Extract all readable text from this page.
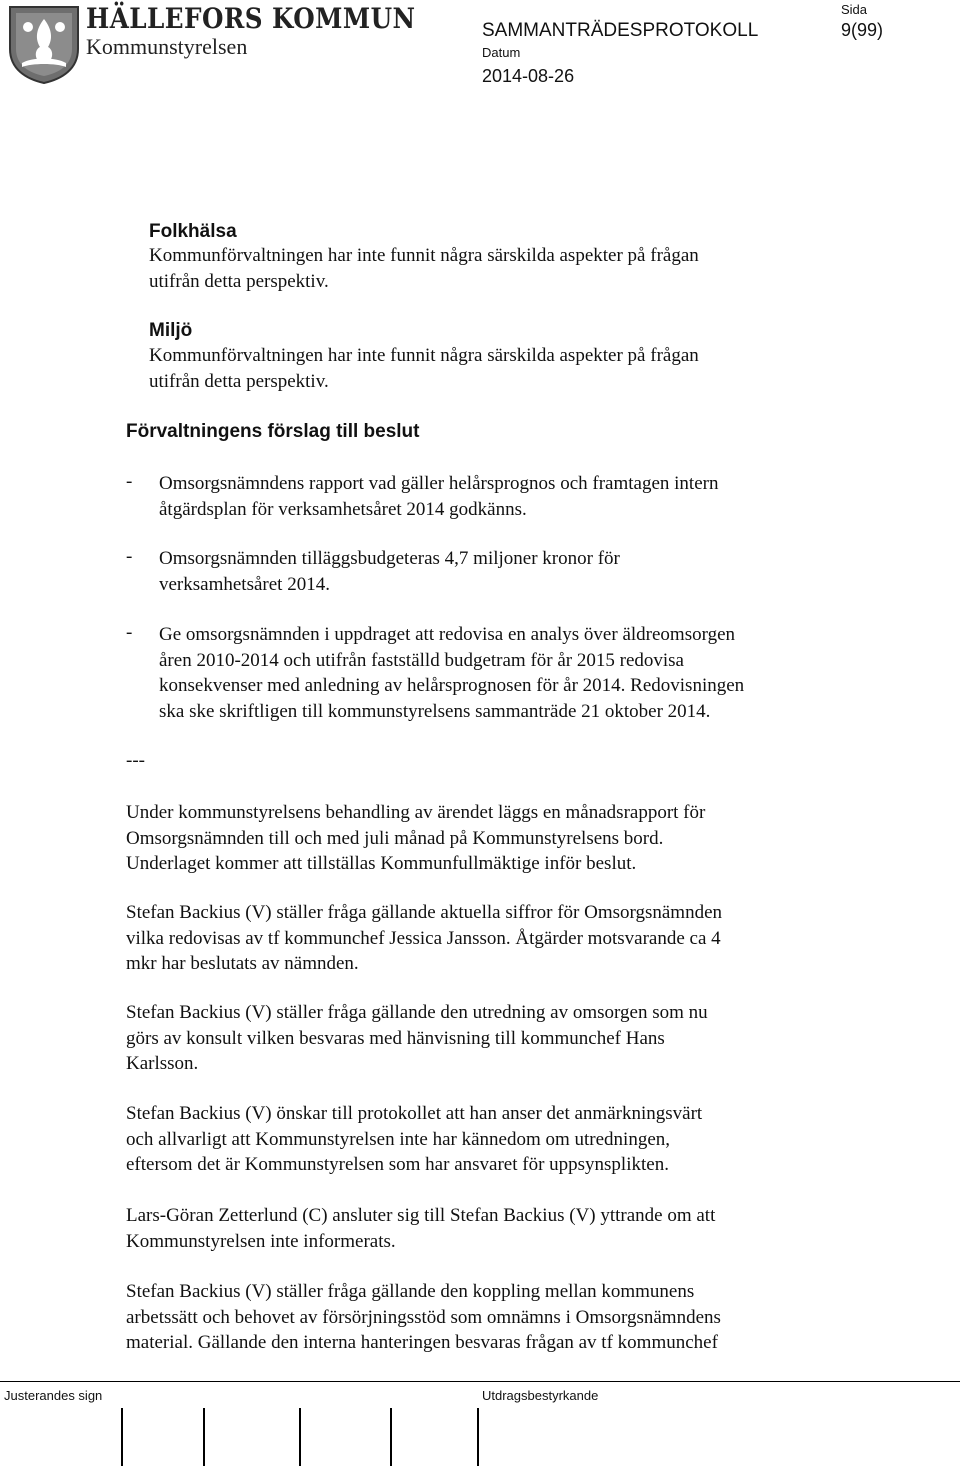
HÄLLEFORS KOMMUN
Kommunstyrelsen
SAMMANTRÄDESPROTOKOLL
Sida
9(99)
Datum
2014-08-26
Folkhälsa
Kommunförvaltningen har inte funnit några särskilda aspekter på frågan
utifrån detta perspektiv.
Miljö
Kommunförvaltningen har inte funnit några särskilda aspekter på frågan
utifrån detta perspektiv.
Förvaltningens förslag till beslut
- Omsorgsnämndens rapport vad gäller helårsprognos och framtagen intern
åtgärdsplan för verksamhetsåret 2014 godkänns.
- Omsorgsnämnden tilläggsbudgeteras 4,7 miljoner kronor för
verksamhetsåret 2014.
- Ge omsorgsnämnden i uppdraget att redovisa en analys över äldreomsorgen
åren 2010-2014 och utifrån fastställd budgetram för år 2015 redovisa
konsekvenser med anledning av helårsprognosen för år 2014. Redovisningen
ska ske skriftligen till kommunstyrelsens sammanträde 21 oktober 2014.
---
Under kommunstyrelsens behandling av ärendet läggs en månadsrapport för
Omsorgsnämnden till och med juli månad på Kommunstyrelsens bord.
Underlaget kommer att tillställas Kommunfullmäktige inför beslut.
Stefan Backius (V) ställer fråga gällande aktuella siffror för Omsorgsnämnden
vilka redovisas av tf kommunchef Jessica Jansson. Åtgärder motsvarande ca 4
mkr har beslutats av nämnden.
Stefan Backius (V) ställer fråga gällande den utredning av omsorgen som nu
görs av konsult vilken besvaras med hänvisning till kommunchef Hans
Karlsson.
Stefan Backius (V) önskar till protokollet att han anser det anmärkningsvärt
och allvarligt att Kommunstyrelsen inte har kännedom om utredningen,
eftersom det är Kommunstyrelsen som har ansvaret för uppsynsplikten.
Lars-Göran Zetterlund (C) ansluter sig till Stefan Backius (V) yttrande om att
Kommunstyrelsen inte informerats.
Stefan Backius (V) ställer fråga gällande den koppling mellan kommunens
arbetssätt och behovet av försörjningsstöd som omnämns i Omsorgsnämndens
material. Gällande den interna hanteringen besvaras frågan av tf kommunchef
Justerandes sign	Utdragsbestyrkande
